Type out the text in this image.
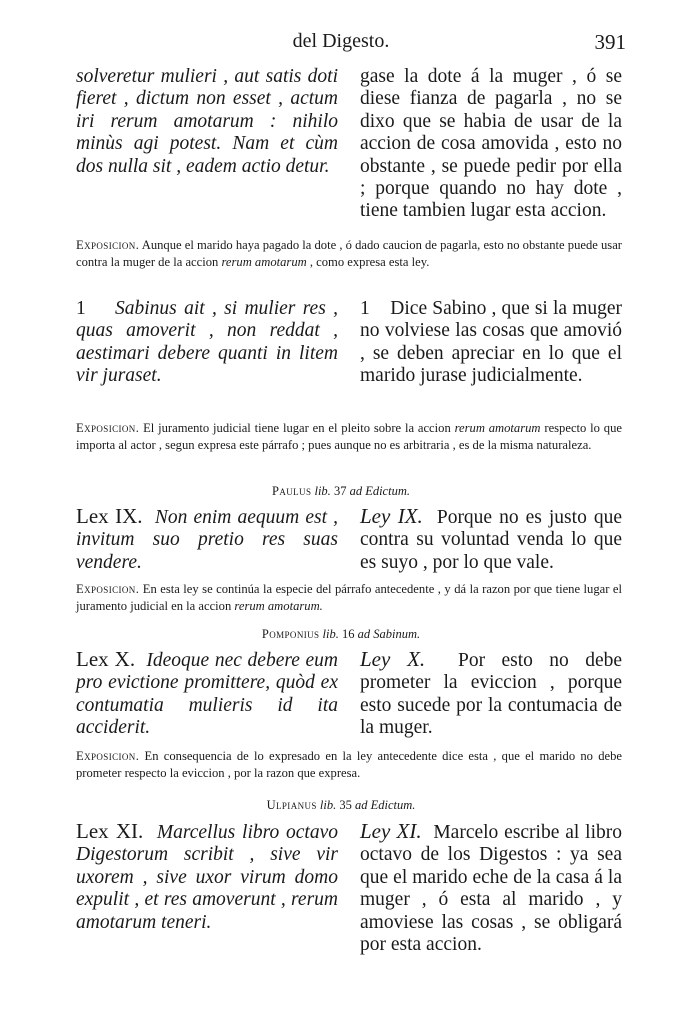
del Digesto.	391

solveretur mulieri , aut satis doti fieret , dictum non esset , actum iri rerum amotarum : nihilo minùs agi potest. Nam et cùm dos nulla sit , eadem actio detur.

gase la dote á la muger , ó se diese fianza de pagarla , no se dixo que se habia de usar de la accion de cosa amovida , esto no obstante , se puede pedir por ella ; porque quando no hay dote , tiene tambien lugar esta accion.

Exposicion. Aunque el marido haya pagado la dote , ó dado caucion de pagarla, esto no obstante puede usar contra la muger de la accion rerum amotarum , como expresa esta ley.

1 Sabinus ait , si mulier res , quas amoverit , non reddat , aestimari debere quanti in litem vir juraset.

1 Dice Sabino , que si la muger no volviese las cosas que amovió , se deben apreciar en lo que el marido jurase judicialmente.

Exposicion. El juramento judicial tiene lugar en el pleito sobre la accion rerum amotarum respecto lo que importa al actor , segun expresa este párrafo ; pues aunque no es arbitraria , es de la misma naturaleza.

Paulus lib. 37 ad Edictum.

Lex IX. Non enim aequum est , invitum suo pretio res suas vendere.

Ley IX. Porque no es justo que contra su voluntad venda lo que es suyo , por lo que vale.

Exposicion. En esta ley se continúa la especie del párrafo antecedente , y dá la razon por que tiene lugar el juramento judicial en la accion rerum amotarum.

Pomponius lib. 16 ad Sabinum.

Lex X. Ideoque nec debere eum pro evictione promittere, quòd ex contumatia mulieris id ita acciderit.

Ley X. Por esto no debe prometer la eviccion , porque esto sucede por la contumacia de la muger.

Exposicion. En consequencia de lo expresado en la ley antecedente dice esta , que el marido no debe prometer respecto la eviccion , por la razon que expresa.

Ulpianus lib. 35 ad Edictum.

Lex XI. Marcellus libro octavo Digestorum scribit , sive vir uxorem , sive uxor virum domo expulit , et res amoverunt , rerum amotarum teneri.

Ley XI. Marcelo escribe al libro octavo de los Digestos : ya sea que el marido eche de la casa á la muger , ó esta al marido , y amoviese las cosas , se obligará por esta accion.
